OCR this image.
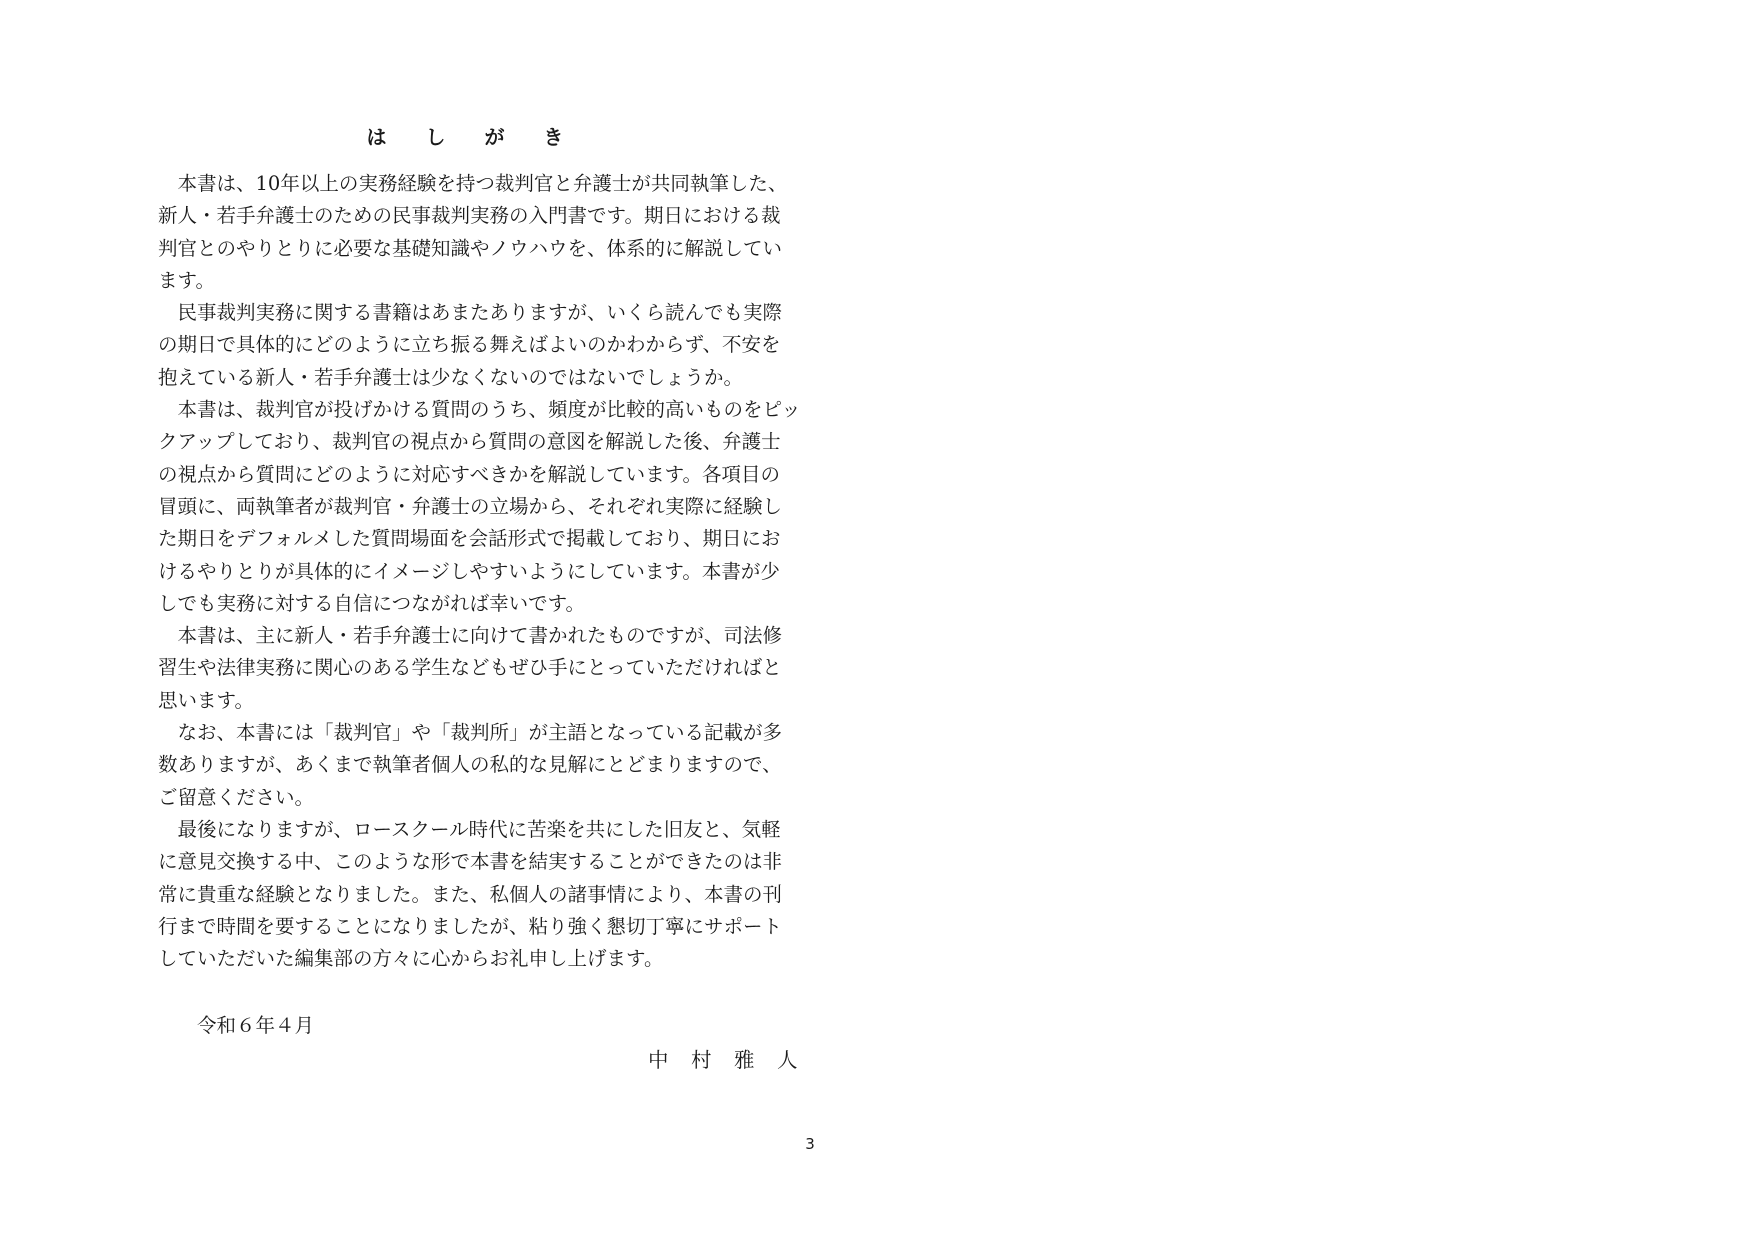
は し が き
　本書は、10年以上の実務経験を持つ裁判官と弁護士が共同執筆した、
新人・若手弁護士のための民事裁判実務の入門書です。期日における裁
判官とのやりとりに必要な基礎知識やノウハウを、体系的に解説してい
ます。
　民事裁判実務に関する書籍はあまたありますが、いくら読んでも実際
の期日で具体的にどのように立ち振る舞えばよいのかわからず、不安を
抱えている新人・若手弁護士は少なくないのではないでしょうか。
　本書は、裁判官が投げかける質問のうち、頻度が比較的高いものをピッ
クアップしており、裁判官の視点から質問の意図を解説した後、弁護士
の視点から質問にどのように対応すべきかを解説しています。各項目の
冒頭に、両執筆者が裁判官・弁護士の立場から、それぞれ実際に経験し
た期日をデフォルメした質問場面を会話形式で掲載しており、期日にお
けるやりとりが具体的にイメージしやすいようにしています。本書が少
しでも実務に対する自信につながれば幸いです。
　本書は、主に新人・若手弁護士に向けて書かれたものですが、司法修
習生や法律実務に関心のある学生などもぜひ手にとっていただければと
思います。
　なお、本書には「裁判官」や「裁判所」が主語となっている記載が多
数ありますが、あくまで執筆者個人の私的な見解にとどまりますので、
ご留意ください。
　最後になりますが、ロースクール時代に苦楽を共にした旧友と、気軽
に意見交換する中、このような形で本書を結実することができたのは非
常に貴重な経験となりました。また、私個人の諸事情により、本書の刊
行まで時間を要することになりましたが、粘り強く懇切丁寧にサポート
していただいた編集部の方々に心からお礼申し上げます。
令和６年４月
中 村 雅 人
3
